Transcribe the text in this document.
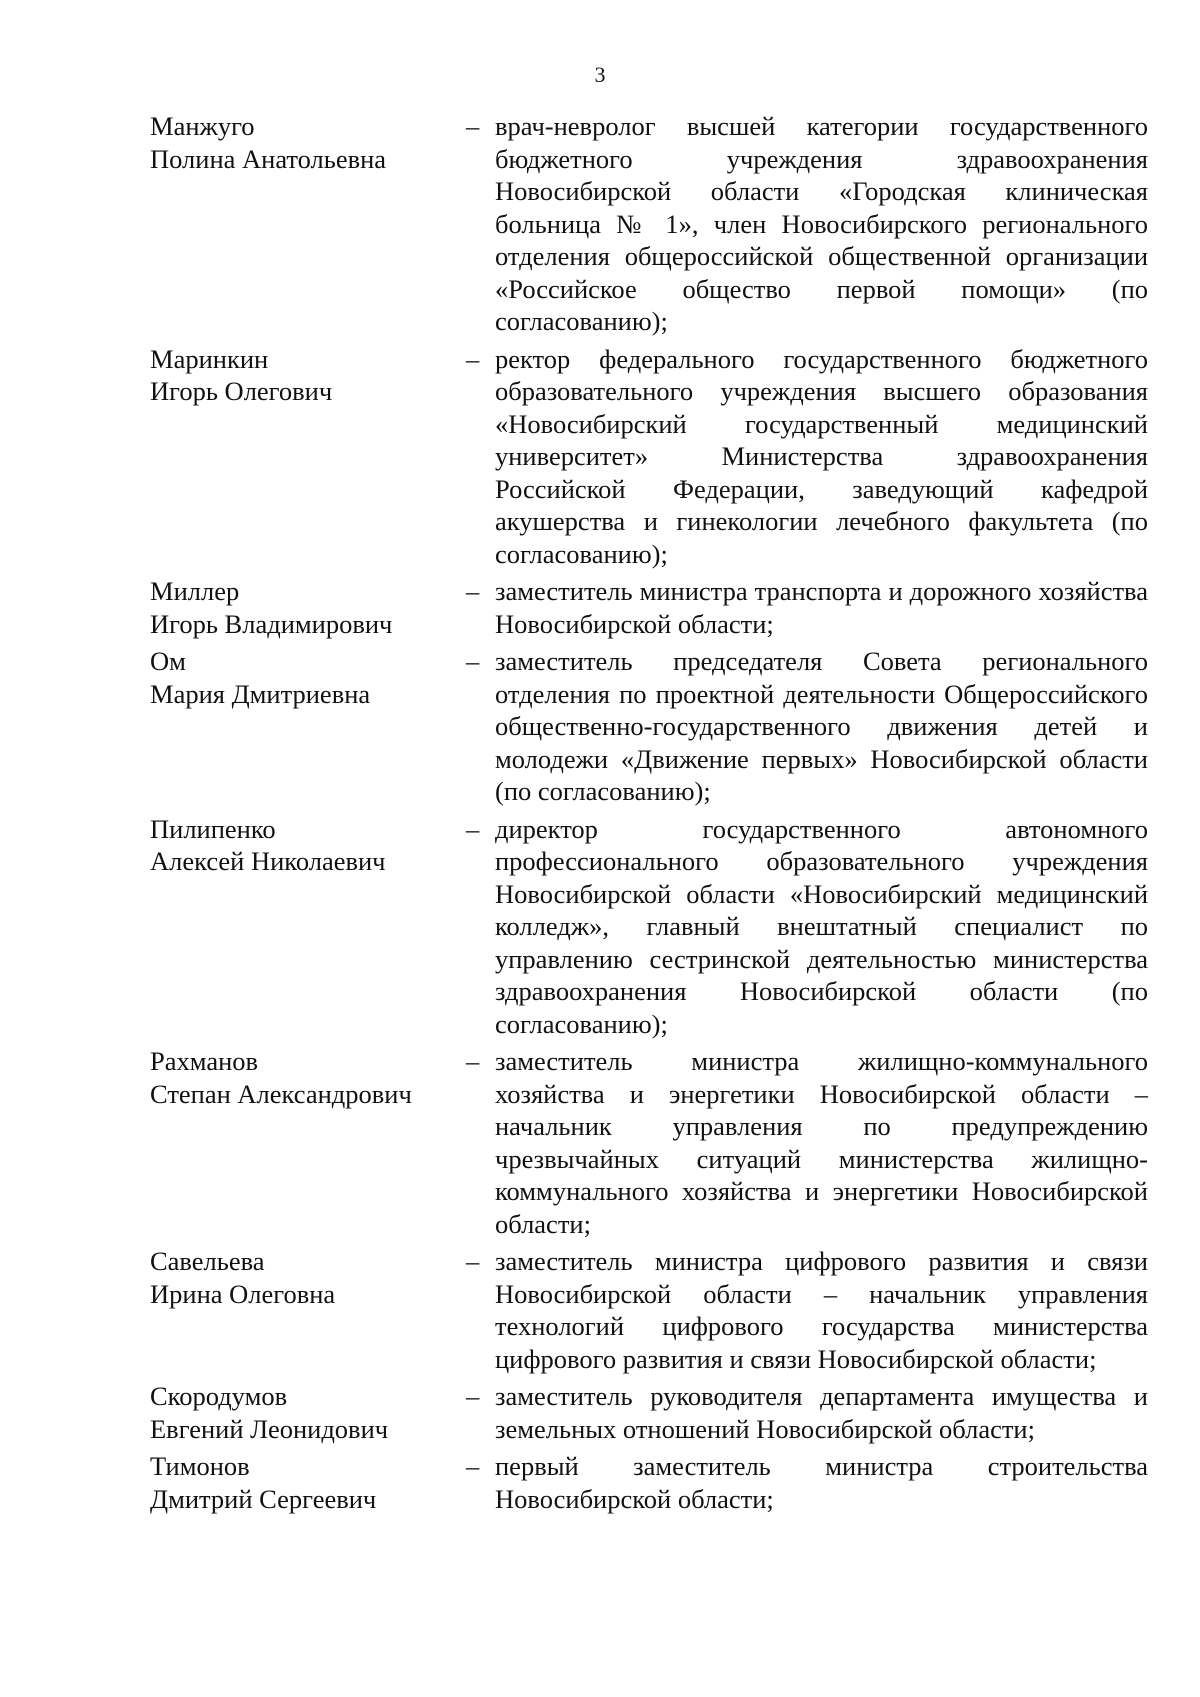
3
Манжуго
Полина Анатольевна
– врач-невролог высшей категории государственного бюджетного учреждения здравоохранения Новосибирской области «Городская клиническая больница № 1», член Новосибирского регионального отделения общероссийской общественной организации «Российское общество первой помощи» (по согласованию);
Маринкин
Игорь Олегович
– ректор федерального государственного бюджетного образовательного учреждения высшего образования «Новосибирский государственный медицинский университет» Министерства здравоохранения Российской Федерации, заведующий кафедрой акушерства и гинекологии лечебного факультета (по согласованию);
Миллер
Игорь Владимирович
– заместитель министра транспорта и дорожного хозяйства Новосибирской области;
Ом
Мария Дмитриевна
– заместитель председателя Совета регионального отделения по проектной деятельности Общероссийского общественно-государственного движения детей и молодежи «Движение первых» Новосибирской области (по согласованию);
Пилипенко
Алексей Николаевич
– директор государственного автономного профессионального образовательного учреждения Новосибирской области «Новосибирский медицинский колледж», главный внештатный специалист по управлению сестринской деятельностью министерства здравоохранения Новосибирской области (по согласованию);
Рахманов
Степан Александрович
– заместитель министра жилищно-коммунального хозяйства и энергетики Новосибирской области – начальник управления по предупреждению чрезвычайных ситуаций министерства жилищно-коммунального хозяйства и энергетики Новосибирской области;
Савельева
Ирина Олеговна
– заместитель министра цифрового развития и связи Новосибирской области – начальник управления технологий цифрового государства министерства цифрового развития и связи Новосибирской области;
Скородумов
Евгений Леонидович
– заместитель руководителя департамента имущества и земельных отношений Новосибирской области;
Тимонов
Дмитрий Сергеевич
– первый заместитель министра строительства Новосибирской области;
